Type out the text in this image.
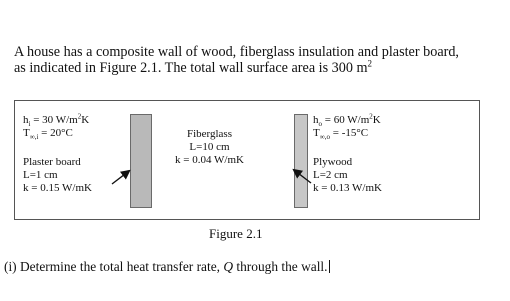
A house has a composite wall of wood, fiberglass insulation and plaster board,
as indicated in Figure 2.1. The total wall surface area is 300 $m^2$
$h_i = 30$ $W/m^2K$
$T_{\infty,i} = 20^\circ C$
Plaster board
L=1 cm
k = 0.15 W/mK
Fiberglass
L=10 cm
k = 0.04 W/mK
$h_o = 60$ $W/m^2K$
$T_{\infty,o} = -15^\circ C$
Plywood
L=2 cm
k = 0.13 W/mK
Figure 2.1
(i) Determine the total heat transfer rate, Q through the wall.
